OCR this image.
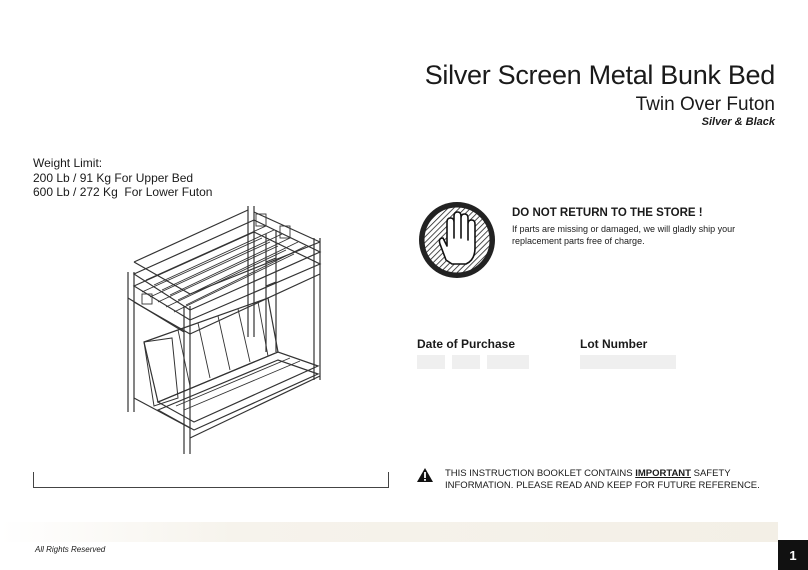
Silver Screen Metal Bunk Bed
Twin Over Futon
Silver & Black
Weight Limit:
200 Lb / 91 Kg For Upper Bed
600 Lb / 272 Kg  For Lower Futon
DO NOT RETURN TO THE STORE !
If parts are missing or damaged, we will gladly ship your replacement parts free of charge.
Date of Purchase	Lot Number
THIS INSTRUCTION BOOKLET CONTAINS IMPORTANT SAFETY INFORMATION. PLEASE READ AND KEEP FOR FUTURE REFERENCE.
All Rights Reserved	1
